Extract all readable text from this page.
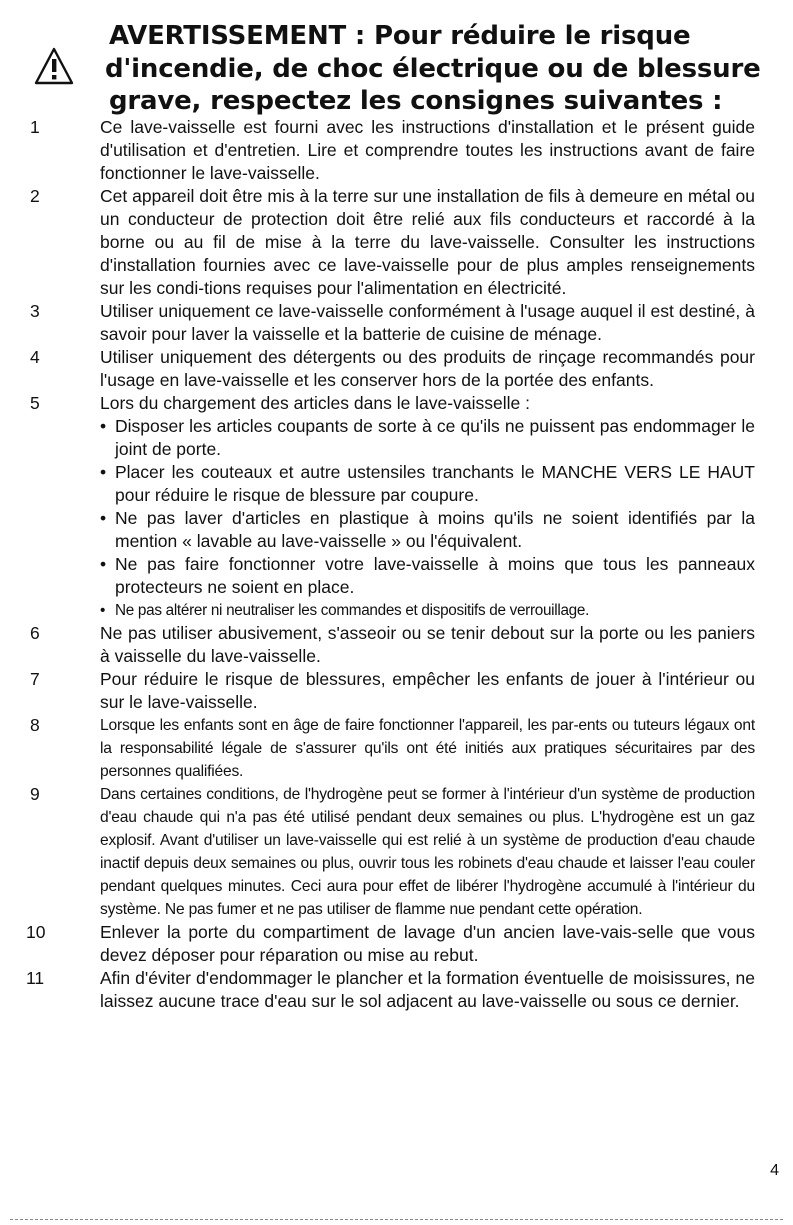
AVERTISSEMENT : Pour réduire le risque
d'incendie, de choc électrique ou de blessure
grave, respectez les consignes suivantes :
1	Ce lave-vaisselle est fourni avec les instructions d'installation et le présent guide d'utilisation et d'entretien. Lire et comprendre toutes les instructions avant de faire fonctionner le lave-vaisselle.

2	Cet appareil doit être mis à la terre sur une installation de fils à demeure en métal ou un conducteur de protection doit être relié aux fils conducteurs et raccordé à la borne ou au fil de mise à la terre du lave-vaisselle. Consulter les instructions d'installation fournies avec ce lave-vaisselle pour de plus amples renseignements sur les condi-tions requises pour l'alimentation en électricité.

3	Utiliser uniquement ce lave-vaisselle conformément à l'usage auquel il est destiné, à savoir pour laver la vaisselle et la batterie de cuisine de ménage.

4	Utiliser uniquement des détergents ou des produits de rinçage recommandés pour l'usage en lave-vaisselle et les conserver hors de la portée des enfants.

5	Lors du chargement des articles dans le lave-vaisselle :

• Disposer les articles coupants de sorte à ce qu'ils ne puissent pas endommager le joint de porte.

• Placer les couteaux et autre ustensiles tranchants le MANCHE VERS LE HAUT pour réduire le risque de blessure par coupure.

• Ne pas laver d'articles en plastique à moins qu'ils ne soient identifiés par la mention « lavable au lave-vaisselle » ou l'équivalent.

• Ne pas faire fonctionner votre lave-vaisselle à moins que tous les panneaux protecteurs ne soient en place.

• Ne pas altérer ni neutraliser les commandes et dispositifs de verrouillage.

6	Ne pas utiliser abusivement, s'asseoir ou se tenir debout sur la porte ou les paniers à vaisselle du lave-vaisselle.

7	Pour réduire le risque de blessures, empêcher les enfants de jouer à l'intérieur ou sur le lave-vaisselle.

8	Lorsque les enfants sont en âge de faire fonctionner l'appareil, les par-ents ou tuteurs légaux ont la responsabilité légale de s'assurer qu'ils ont été initiés aux pratiques sécuritaires par des personnes qualifiées.

9	Dans certaines conditions, de l'hydrogène peut se former à l'intérieur d'un système de production d'eau chaude qui n'a pas été utilisé pendant deux semaines ou plus. L'hydrogène est un gaz explosif. Avant d'utiliser un lave-vaisselle qui est relié à un système de production d'eau chaude inactif depuis deux semaines ou plus, ouvrir tous les robinets d'eau chaude et laisser l'eau couler pendant quelques minutes. Ceci aura pour effet de libérer l'hydrogène accumulé à l'intérieur du système. Ne pas fumer et ne pas utiliser de flamme nue pendant cette opération.

10	Enlever la porte du compartiment de lavage d'un ancien lave-vais-selle que vous devez déposer pour réparation ou mise au rebut.

11	Afin d'éviter d'endommager le plancher et la formation éventuelle de moisissures, ne laissez aucune trace d'eau sur le sol adjacent au lave-vaisselle ou sous ce dernier.

4
